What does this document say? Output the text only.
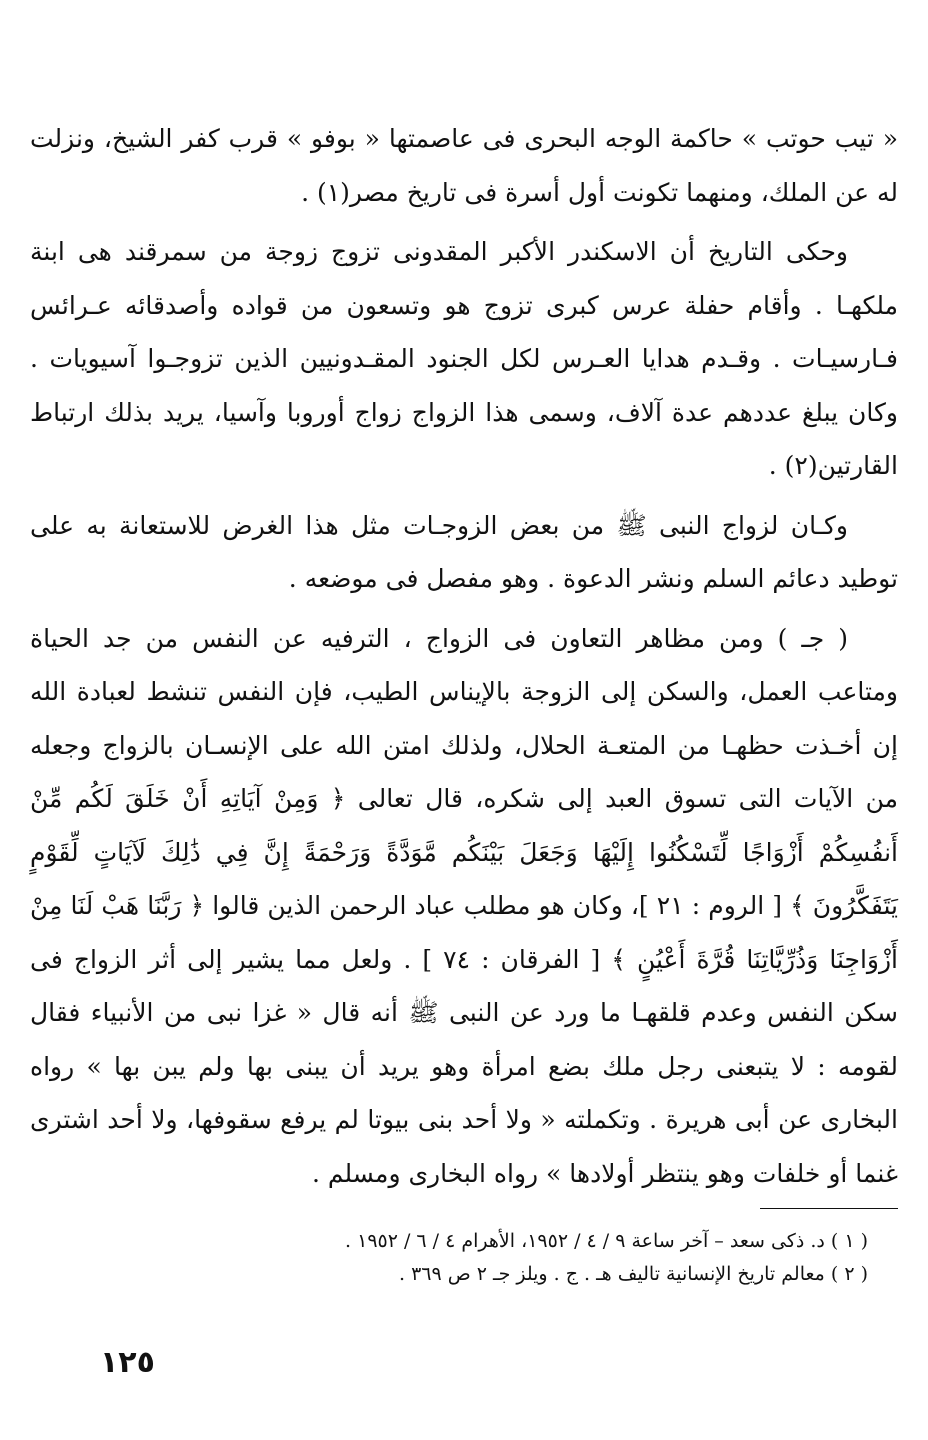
« تيب حوتب » حاكمة الوجه البحرى فى عاصمتها « بوفو » قرب كفر الشيخ، ونزلت له عن الملك، ومنهما تكونت أول أسرة فى تاريخ مصر(١) .

وحكى التاريخ أن الاسكندر الأكبر المقدونى تزوج زوجة من سمرقند هى ابنة ملكهـا . وأقام حفلة عرس كبرى تزوج هو وتسعون من قواده وأصدقائه عـرائس فـارسيـات . وقـدم هدايا العـرس لكل الجنود المقـدونيين الذين تزوجـوا آسيويات . وكان يبلغ عددهم عدة آلاف، وسمى هذا الزواج زواج أوروبا وآسيا، يريد بذلك ارتباط القارتين(٢) .

وكـان لزواج النبى ﷺ من بعض الزوجـات مثل هذا الغرض للاستعانة به على توطيد دعائم السلم ونشر الدعوة . وهو مفصل فى موضعه .

( جـ ) ومن مظاهر التعاون فى الزواج ، الترفيه عن النفس من جد الحياة ومتاعب العمل، والسكن إلى الزوجة بالإيناس الطيب، فإن النفس تنشط لعبادة الله إن أخـذت حظهـا من المتعـة الحلال، ولذلك امتن الله على الإنسـان بالزواج وجعله من الآيات التى تسوق العبد إلى شكره، قال تعالى ﴿ وَمِنْ آيَاتِهِ أَنْ خَلَقَ لَكُم مِّنْ أَنفُسِكُمْ أَزْوَاجًا لِّتَسْكُنُوا إِلَيْهَا وَجَعَلَ بَيْنَكُم مَّوَدَّةً وَرَحْمَةً إِنَّ فِي ذَٰلِكَ لَآيَاتٍ لِّقَوْمٍ يَتَفَكَّرُونَ ﴾ [ الروم : ٢١ ]، وكان هو مطلب عباد الرحمن الذين قالوا ﴿ رَبَّنَا هَبْ لَنَا مِنْ أَزْوَاجِنَا وَذُرِّيَّاتِنَا قُرَّةَ أَعْيُنٍ ﴾ [ الفرقان : ٧٤ ] . ولعل مما يشير إلى أثر الزواج فى سكن النفس وعدم قلقهـا ما ورد عن النبى ﷺ أنه قال « غزا نبى من الأنبياء فقال لقومه : لا يتبعنى رجل ملك بضع امرأة وهو يريد أن يبنى بها ولم يبن بها » رواه البخارى عن أبى هريرة . وتكملته « ولا أحد بنى بيوتا لم يرفع سقوفها، ولا أحد اشترى غنما أو خلفات وهو ينتظر أولادها » رواه البخارى ومسلم .

( ١ ) د. ذكى سعد – آخر ساعة ٩ / ٤ / ١٩٥٢، الأهرام ٤ / ٦ / ١٩٥٢ .

( ٢ ) معالم تاريخ الإنسانية تاليف هـ . ج . ويلز جـ ٢ ص ٣٦٩ .

١٢٥
